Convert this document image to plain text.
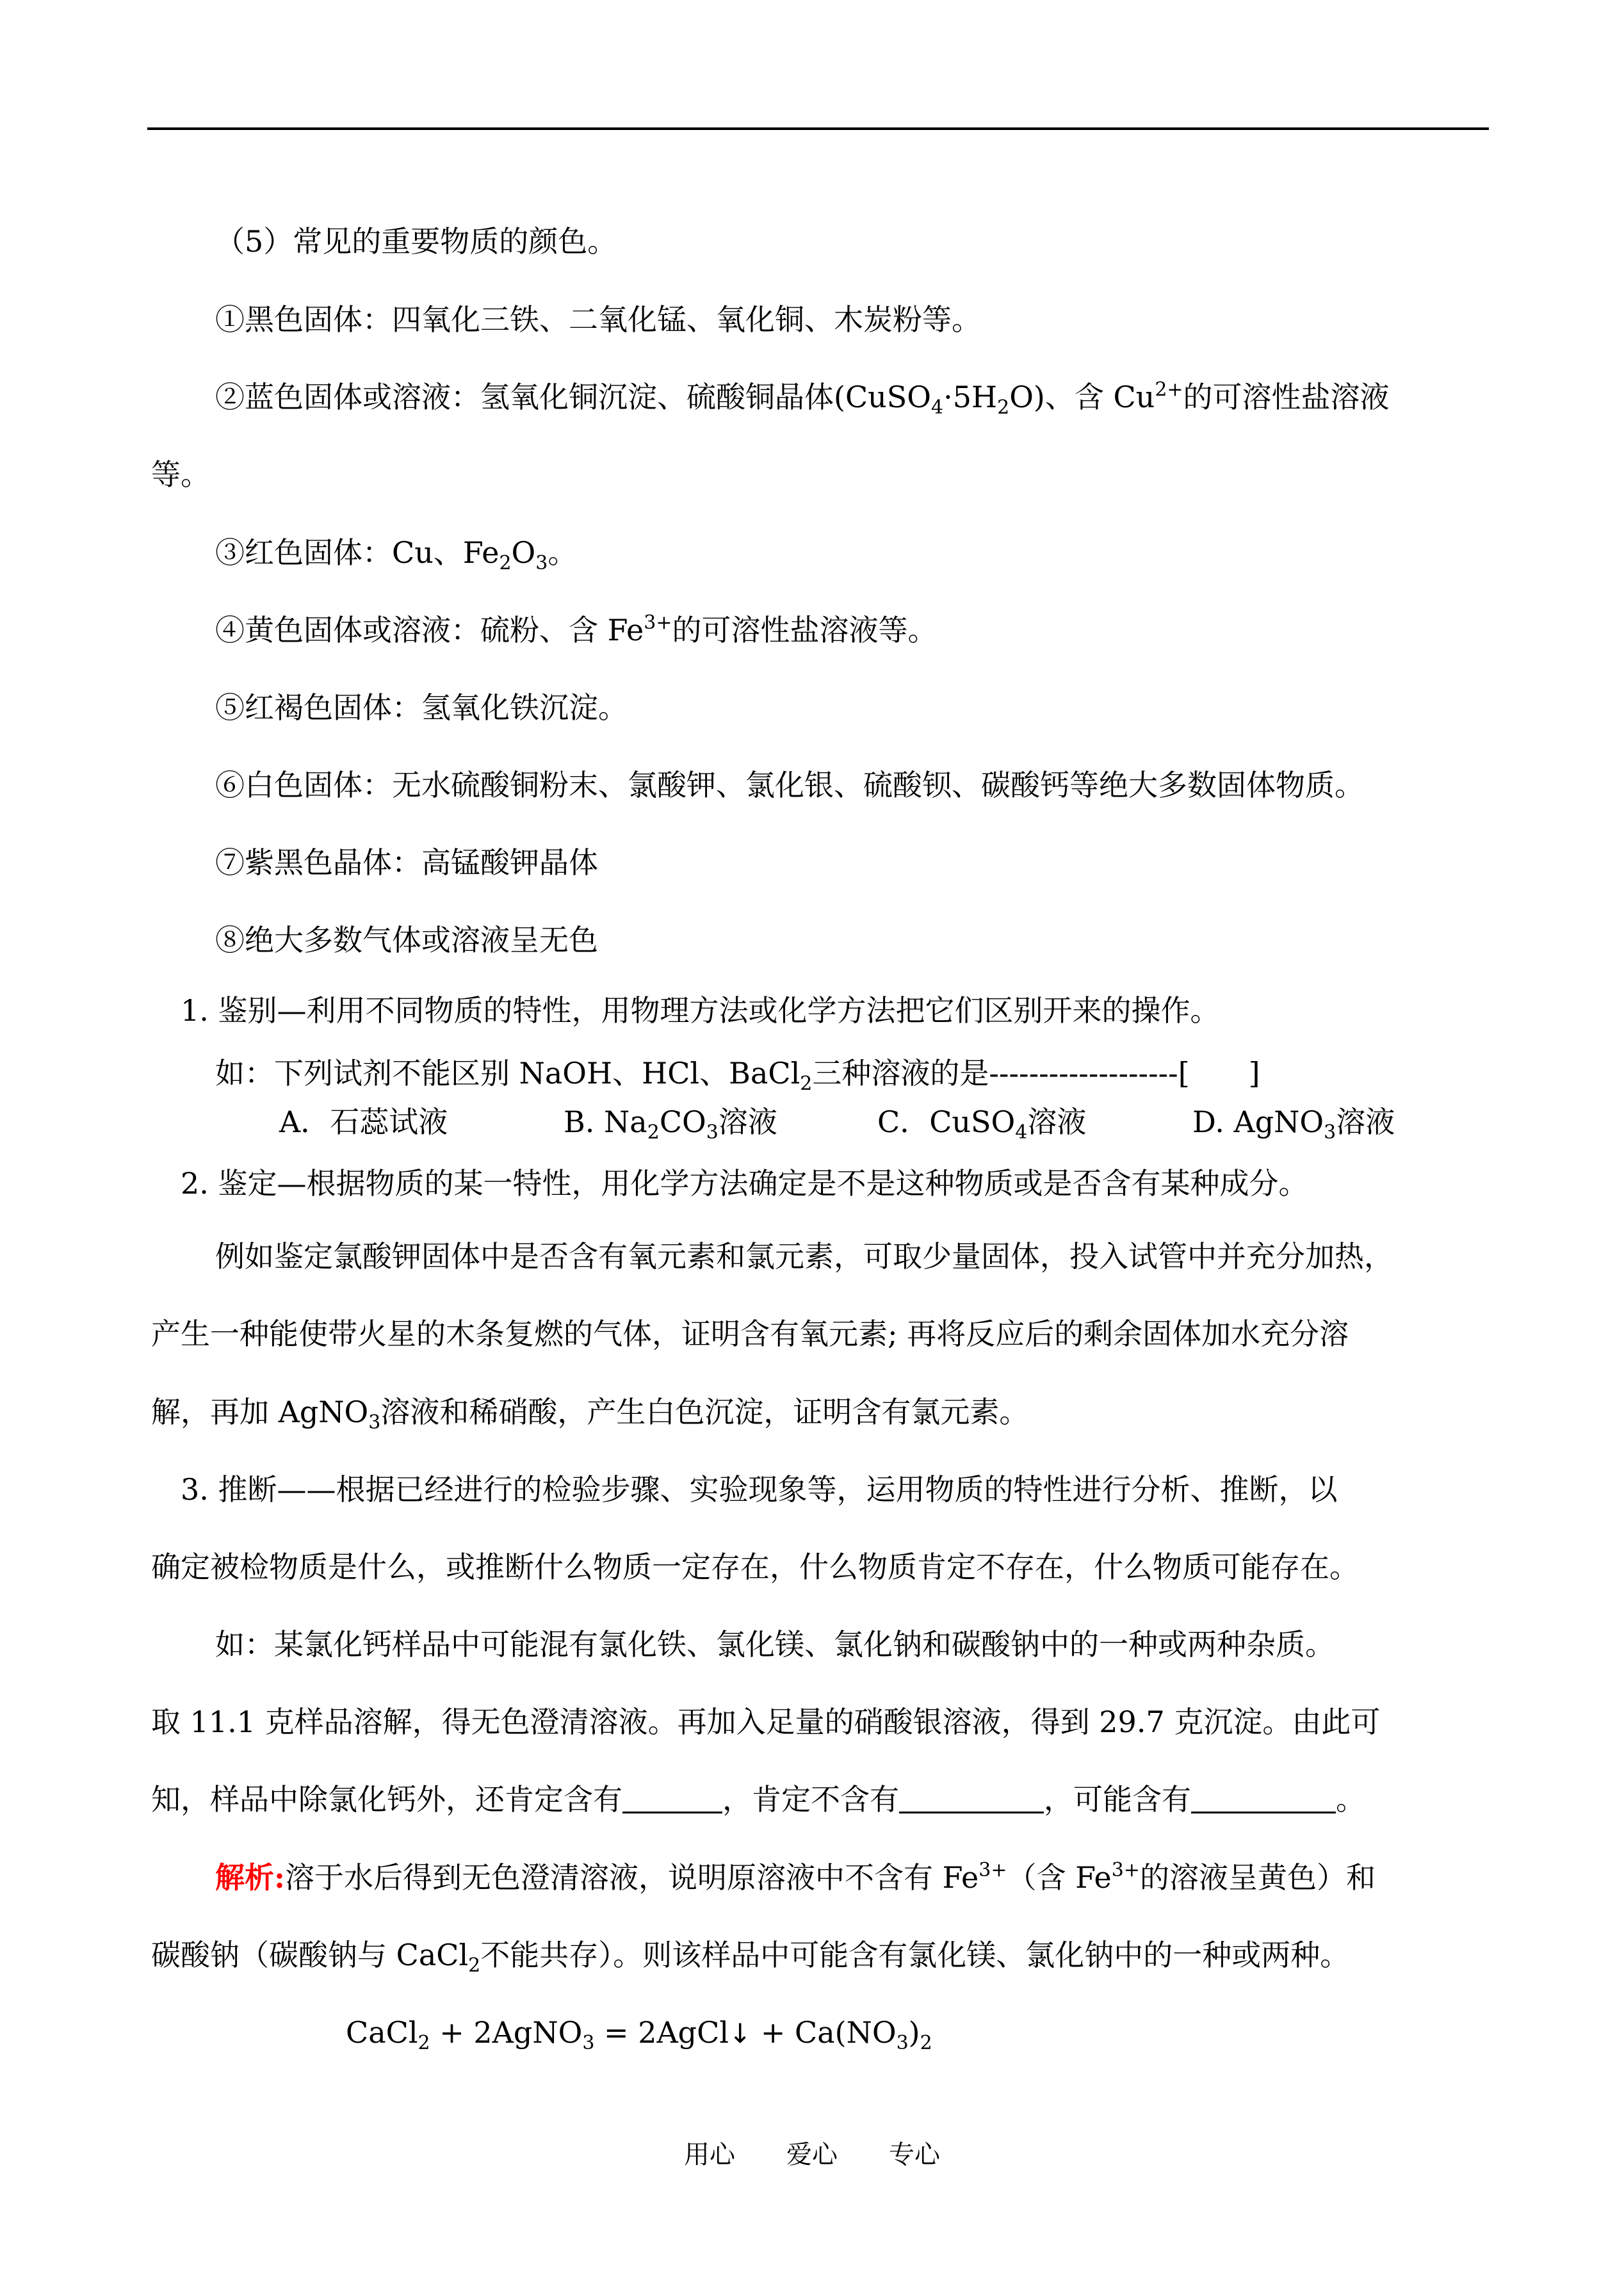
（5）常见的重要物质的颜色。
①黑色固体：四氧化三铁、二氧化锰、氧化铜、木炭粉等。
②蓝色固体或溶液：氢氧化铜沉淀、硫酸铜晶体$(CuSO_4\cdot 5H_2O)$、含 $Cu^{2+}$的可溶性盐溶液
等。
③红色固体：Cu、$Fe_2O_3$。
④黄色固体或溶液：硫粉、含 $Fe^{3+}$的可溶性盐溶液等。
⑤红褐色固体：氢氧化铁沉淀。
⑥白色固体：无水硫酸铜粉末、氯酸钾、氯化银、硫酸钡、碳酸钙等绝大多数固体物质。
⑦紫黑色晶体：高锰酸钾晶体
⑧绝大多数气体或溶液呈无色
1. 鉴别—利用不同物质的特性，用物理方法或化学方法把它们区别开来的操作。
如：下列试剂不能区别 NaOH、HCl、BaCl$_2$三种溶液的是-------------------[　　]
A．石蕊试液	B. $Na_2CO_3$溶液	C．CuSO$_4$溶液	D. AgNO$_3$溶液
2. 鉴定—根据物质的某一特性，用化学方法确定是不是这种物质或是否含有某种成分。
例如鉴定氯酸钾固体中是否含有氧元素和氯元素，可取少量固体，投入试管中并充分加热，
产生一种能使带火星的木条复燃的气体，证明含有氧元素; 再将反应后的剩余固体加水充分溶
解，再加 AgNO$_3$溶液和稀硝酸，产生白色沉淀，证明含有氯元素。
3. 推断——根据已经进行的检验步骤、实验现象等，运用物质的特性进行分析、推断，以
确定被检物质是什么，或推断什么物质一定存在，什么物质肯定不存在，什么物质可能存在。
如：某氯化钙样品中可能混有氯化铁、氯化镁、氯化钠和碳酸钠中的一种或两种杂质。
取 11.1 克样品溶解，得无色澄清溶液。再加入足量的硝酸银溶液，得到 29.7 克沉淀。由此可
知，样品中除氯化钙外，还肯定含有	，肯定不含有	，可能含有	。
解析:溶于水后得到无色澄清溶液，说明原溶液中不含有 $Fe^{3+}$（含 $Fe^{3+}$的溶液呈黄色）和
碳酸钠（碳酸钠与 CaCl$_2$不能共存）。则该样品中可能含有氯化镁、氯化钠中的一种或两种。
CaCl$_2$ + 2AgNO$_3$ = 2AgCl↓ + $Ca(NO_3)_2$
用心 爱心 专心
